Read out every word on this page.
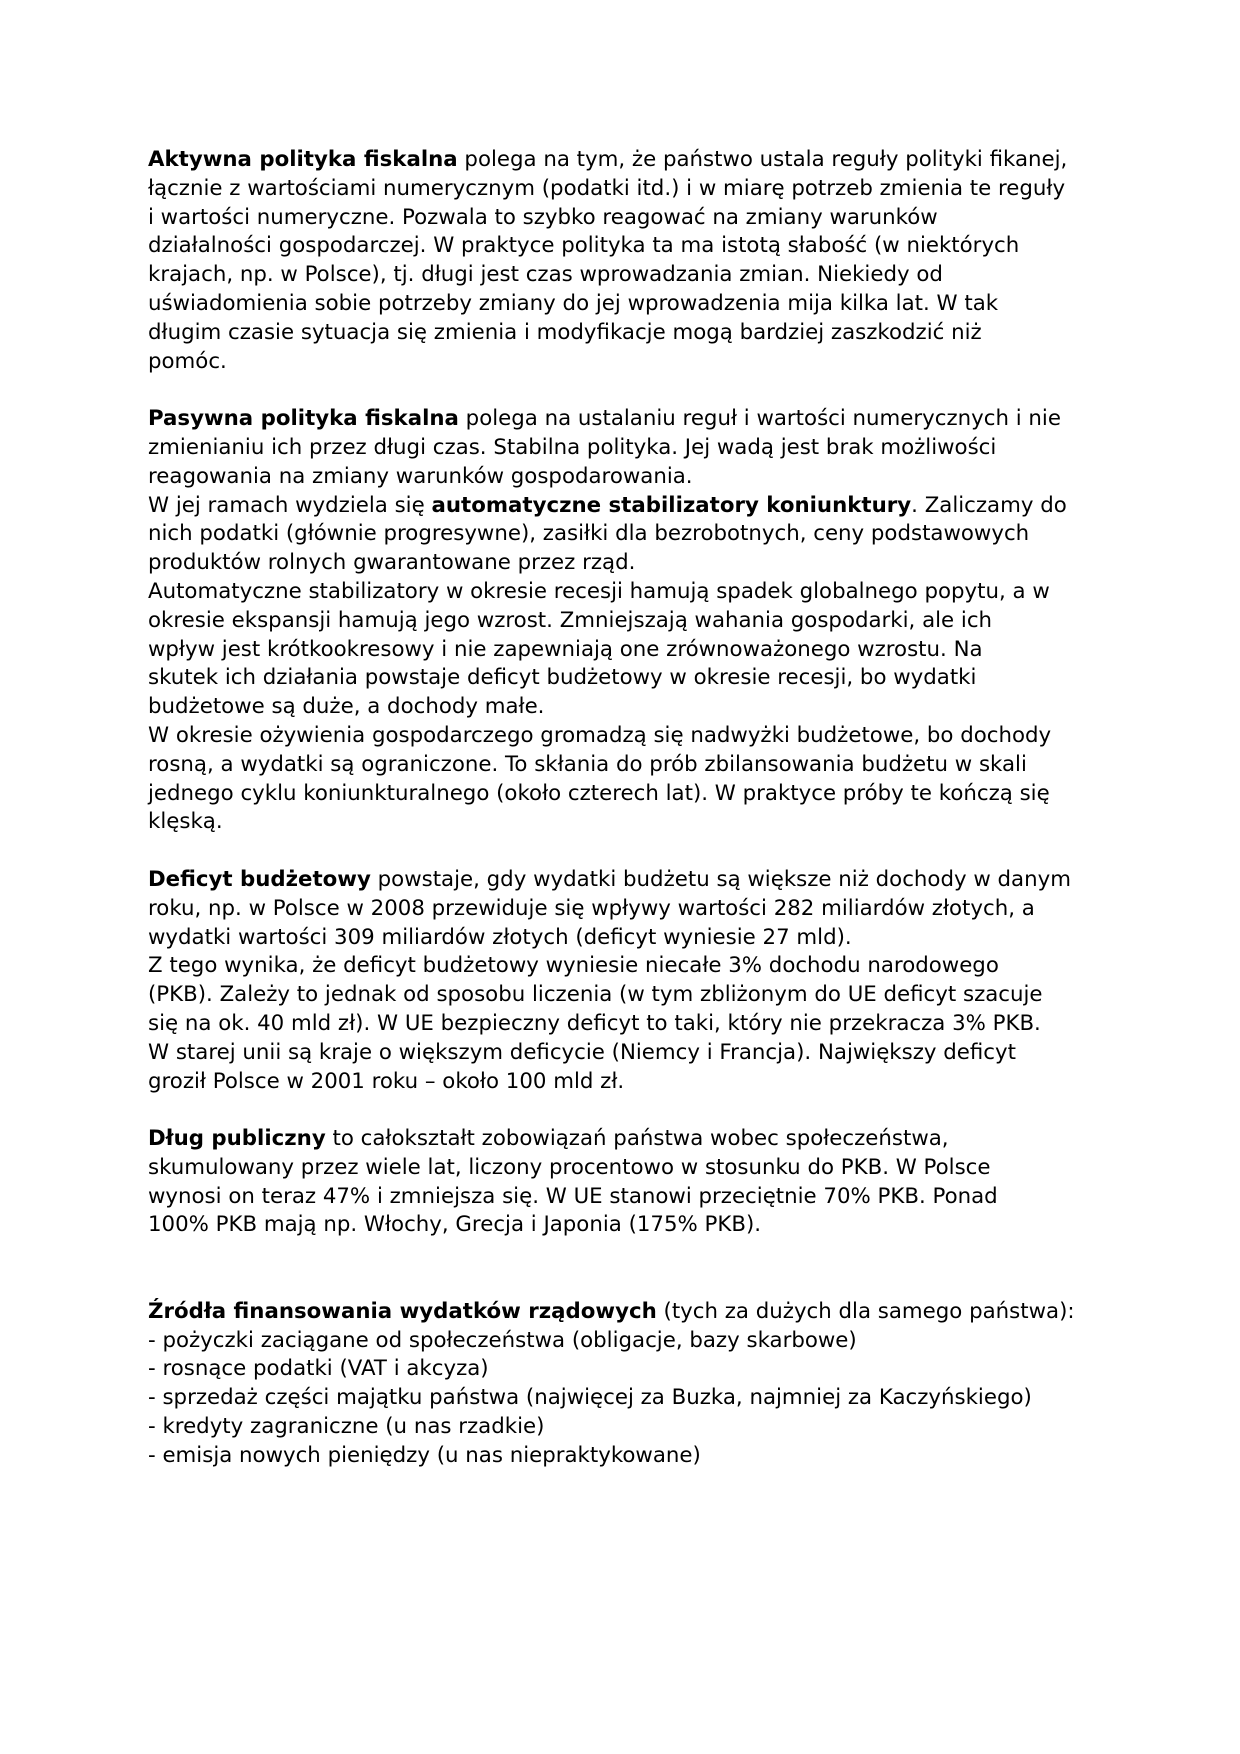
Aktywna polityka fiskalna polega na tym, że państwo ustala reguły polityki fikanej,
łącznie z wartościami numerycznym (podatki itd.) i w miarę potrzeb zmienia te reguły
i wartości numeryczne. Pozwala to szybko reagować na zmiany warunków
działalności gospodarczej. W praktyce polityka ta ma istotą słabość (w niektórych
krajach, np. w Polsce), tj. długi jest czas wprowadzania zmian. Niekiedy od
uświadomienia sobie potrzeby zmiany do jej wprowadzenia mija kilka lat. W tak
długim czasie sytuacja się zmienia i modyfikacje mogą bardziej zaszkodzić niż
pomóc.
Pasywna polityka fiskalna polega na ustalaniu reguł i wartości numerycznych i nie
zmienianiu ich przez długi czas. Stabilna polityka. Jej wadą jest brak możliwości
reagowania na zmiany warunków gospodarowania.
W jej ramach wydziela się automatyczne stabilizatory koniunktury. Zaliczamy do
nich podatki (głównie progresywne), zasiłki dla bezrobotnych, ceny podstawowych
produktów rolnych gwarantowane przez rząd.
Automatyczne stabilizatory w okresie recesji hamują spadek globalnego popytu, a w
okresie ekspansji hamują jego wzrost. Zmniejszają wahania gospodarki, ale ich
wpływ jest krótkookresowy i nie zapewniają one zrównoważonego wzrostu. Na
skutek ich działania powstaje deficyt budżetowy w okresie recesji, bo wydatki
budżetowe są duże, a dochody małe.
W okresie ożywienia gospodarczego gromadzą się nadwyżki budżetowe, bo dochody
rosną, a wydatki są ograniczone. To skłania do prób zbilansowania budżetu w skali
jednego cyklu koniunkturalnego (około czterech lat). W praktyce próby te kończą się
klęską.
Deficyt budżetowy powstaje, gdy wydatki budżetu są większe niż dochody w danym
roku, np. w Polsce w 2008 przewiduje się wpływy wartości 282 miliardów złotych, a
wydatki wartości 309 miliardów złotych (deficyt wyniesie 27 mld).
Z tego wynika, że deficyt budżetowy wyniesie niecałe 3% dochodu narodowego
(PKB). Zależy to jednak od sposobu liczenia (w tym zbliżonym do UE deficyt szacuje
się na ok. 40 mld zł). W UE bezpieczny deficyt to taki, który nie przekracza 3% PKB.
W starej unii są kraje o większym deficycie (Niemcy i Francja). Największy deficyt
groził Polsce w 2001 roku – około 100 mld zł.
Dług publiczny to całokształt zobowiązań państwa wobec społeczeństwa,
skumulowany przez wiele lat, liczony procentowo w stosunku do PKB. W Polsce
wynosi on teraz 47% i zmniejsza się. W UE stanowi przeciętnie 70% PKB. Ponad
100% PKB mają np. Włochy, Grecja i Japonia (175% PKB).
Źródła finansowania wydatków rządowych (tych za dużych dla samego państwa):
- pożyczki zaciągane od społeczeństwa (obligacje, bazy skarbowe)
- rosnące podatki (VAT i akcyza)
- sprzedaż części majątku państwa (najwięcej za Buzka, najmniej za Kaczyńskiego)
- kredyty zagraniczne (u nas rzadkie)
- emisja nowych pieniędzy (u nas niepraktykowane)
